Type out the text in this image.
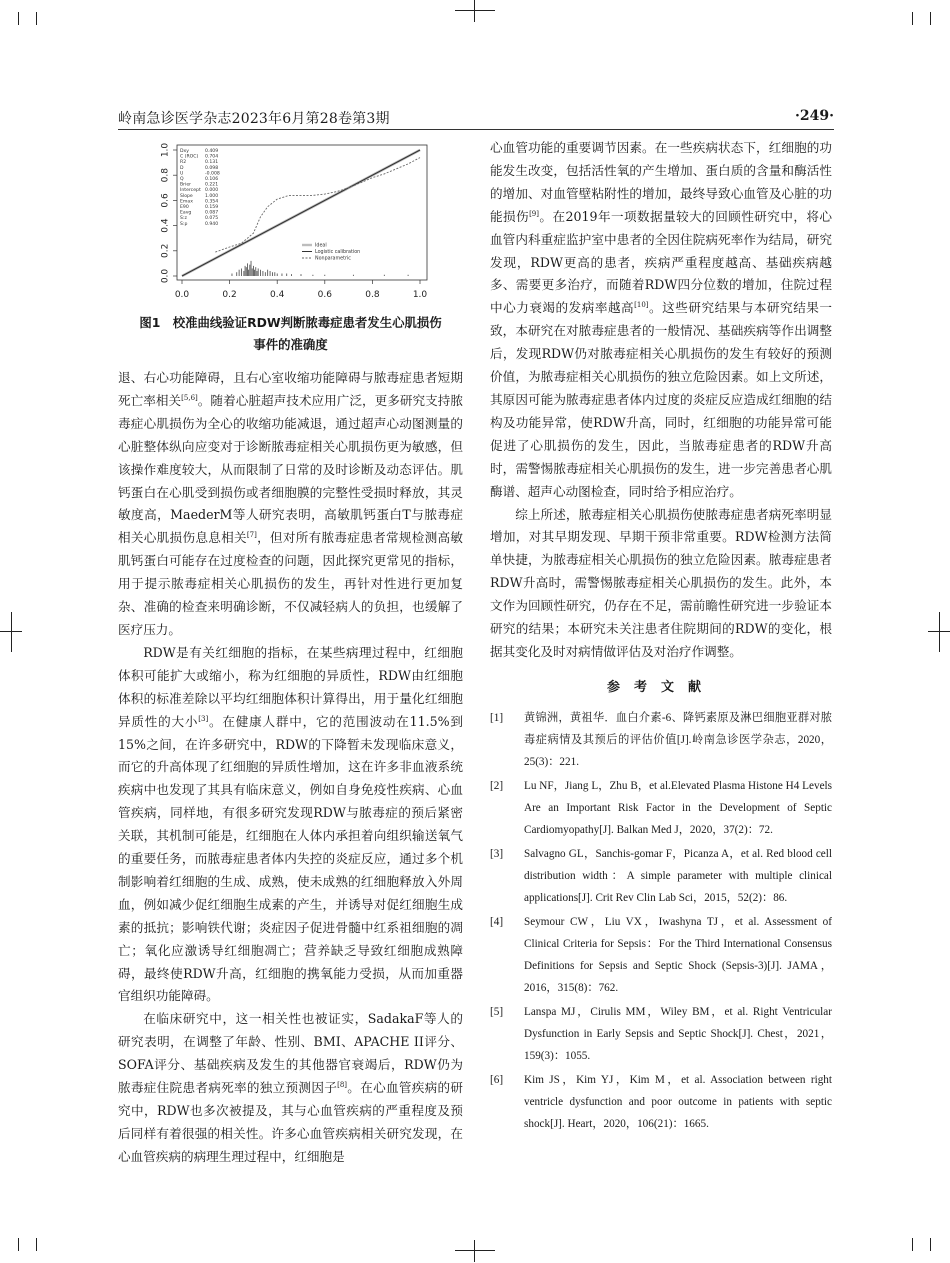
岭南急诊医学杂志2023年6月第28卷第3期	·249·
0.0
0.2
0.4
0.6
0.8
1.0
0.0	0.2	0.4	0.6	0.8	1.0
Dxy	0.409
C (ROC) 0.704
R2	0.131
D	0.098
U	-0.008
Q	0.106
Brier	0.221
Intercept 0.000
Slope	1.000
Emax	0.354
E90	0.159
Eavg	0.087
S:z	0.075
S:p	0.940
Ideal
Logistic calibration
Nonparametric
图1　校准曲线验证RDW判断脓毒症患者发生心肌损伤
事件的准确度

退、右心功能障碍，且右心室收缩功能障碍与脓毒症患者短期死亡率相关[5,6]。随着心脏超声技术应用广泛，更多研究支持脓毒症心肌损伤为全心的收缩功能减退，通过超声心动图测量的心脏整体纵向应变对于诊断脓毒症相关心肌损伤更为敏感，但该操作难度较大，从而限制了日常的及时诊断及动态评估。肌钙蛋白在心肌受到损伤或者细胞膜的完整性受损时释放，其灵敏度高，MaederM等人研究表明，高敏肌钙蛋白T与脓毒症相关心肌损伤息息相关[7]，但对所有脓毒症患者常规检测高敏肌钙蛋白可能存在过度检查的问题，因此探究更常见的指标，用于提示脓毒症相关心肌损伤的发生，再针对性进行更加复杂、准确的检查来明确诊断，不仅减轻病人的负担，也缓解了医疗压力。

RDW是有关红细胞的指标，在某些病理过程中，红细胞体积可能扩大或缩小，称为红细胞的异质性，RDW由红细胞体积的标准差除以平均红细胞体积计算得出，用于量化红细胞异质性的大小[3]。在健康人群中，它的范围波动在11.5%到15%之间，在许多研究中，RDW的下降暂未发现临床意义，而它的升高体现了红细胞的异质性增加，这在许多非血液系统疾病中也发现了其具有临床意义，例如自身免疫性疾病、心血管疾病，同样地，有很多研究发现RDW与脓毒症的预后紧密关联，其机制可能是，红细胞在人体内承担着向组织输送氧气的重要任务，而脓毒症患者体内失控的炎症反应，通过多个机制影响着红细胞的生成、成熟，使未成熟的红细胞释放入外周血，例如减少促红细胞生成素的产生，并诱导对促红细胞生成素的抵抗；影响铁代谢；炎症因子促进骨髓中红系祖细胞的凋亡；氧化应激诱导红细胞凋亡；营养缺乏导致红细胞成熟障碍，最终使RDW升高，红细胞的携氧能力受损，从而加重器官组织功能障碍。

在临床研究中，这一相关性也被证实，SadakaF等人的研究表明，在调整了年龄、性别、BMI、APACHE II评分、SOFA评分、基础疾病及发生的其他器官衰竭后，RDW仍为脓毒症住院患者病死率的独立预测因子[8]。在心血管疾病的研究中，RDW也多次被提及，其与心血管疾病的严重程度及预后同样有着很强的相关性。许多心血管疾病相关研究发现，在心血管疾病的病理生理过程中，红细胞是

心血管功能的重要调节因素。在一些疾病状态下，红细胞的功能发生改变，包括活性氧的产生增加、蛋白质的含量和酶活性的增加、对血管壁粘附性的增加，最终导致心血管及心脏的功能损伤[9]。在2019年一项数据量较大的回顾性研究中，将心血管内科重症监护室中患者的全因住院病死率作为结局，研究发现，RDW更高的患者，疾病严重程度越高、基础疾病越多、需要更多治疗，而随着RDW四分位数的增加，住院过程中心力衰竭的发病率越高[10]。这些研究结果与本研究结果一致，本研究在对脓毒症患者的一般情况、基础疾病等作出调整后，发现RDW仍对脓毒症相关心肌损伤的发生有较好的预测价值，为脓毒症相关心肌损伤的独立危险因素。如上文所述，其原因可能为脓毒症患者体内过度的炎症反应造成红细胞的结构及功能异常，使RDW升高，同时，红细胞的功能异常可能促进了心肌损伤的发生，因此，当脓毒症患者的RDW升高时，需警惕脓毒症相关心肌损伤的发生，进一步完善患者心肌酶谱、超声心动图检查，同时给予相应治疗。

综上所述，脓毒症相关心肌损伤使脓毒症患者病死率明显增加，对其早期发现、早期干预非常重要。RDW检测方法简单快捷，为脓毒症相关心肌损伤的独立危险因素。脓毒症患者RDW升高时，需警惕脓毒症相关心肌损伤的发生。此外，本文作为回顾性研究，仍存在不足，需前瞻性研究进一步验证本研究的结果；本研究未关注患者住院期间的RDW的变化，根据其变化及时对病情做评估及对治疗作调整。

参考文献
[1] 黄锦洲，黄祖华．血白介素-6、降钙素原及淋巴细胞亚群对脓毒症病情及其预后的评估价值[J].岭南急诊医学杂志，2020，25(3)：221.
[2] Lu NF，Jiang L，Zhu B，et al.Elevated Plasma Histone H4 Levels Are an Important Risk Factor in the Development of Septic Cardiomyopathy[J]. Balkan Med J，2020，37(2)：72.
[3] Salvagno GL，Sanchis-gomar F，Picanza A，et al. Red blood cell distribution width：A simple parameter with multiple clinical applications[J]. Crit Rev Clin Lab Sci，2015，52(2)：86.
[4] Seymour CW，Liu VX，Iwashyna TJ，et al. Assessment of Clinical Criteria for Sepsis：For the Third International Consensus Definitions for Sepsis and Septic Shock (Sepsis-3)[J]. JAMA，2016，315(8)：762.
[5] Lanspa MJ，Cirulis MM，Wiley BM，et al. Right Ventricular Dysfunction in Early Sepsis and Septic Shock[J]. Chest，2021，159(3)：1055.
[6] Kim JS，Kim YJ，Kim M，et al. Association between right ventricle dysfunction and poor outcome in patients with septic shock[J]. Heart，2020，106(21)：1665.
